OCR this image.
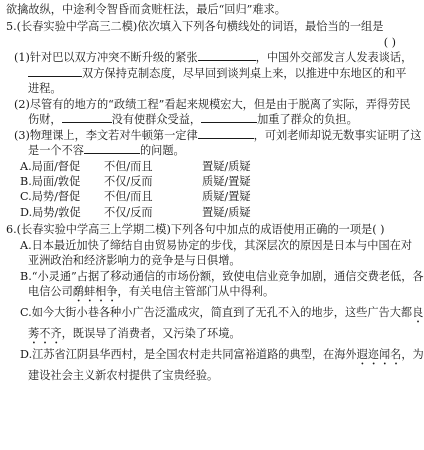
欲擒故纵，中途利令智昏而贪赃枉法，最后“回归”难求。
5.(长春实验中学高三二模)依次填入下列各句横线处的词语，最恰当的一组是
( )
(1)针对巴以双方冲突不断升级的紧张	，中国外交部发言人发表谈话，
双方保持克制态度，尽早回到谈判桌上来，以推进中东地区的和平
进程。
(2)尽管有的地方的“政绩工程”看起来规模宏大，但是由于脱离了实际，弄得劳民
伤财，	没有使群众受益，	加重了群众的负担。
(3)物理课上，李文若对牛顿第一定律	，可刘老师却说无数事实证明了这
是一个不容	的问题。
A.局面/督促	不但/而且	置疑/质疑
B.局面/敦促	不仅/反而	质疑/置疑
C.局势/督促	不但/而且	质疑/置疑
D.局势/敦促	不仅/反而	置疑/质疑
6.(长春实验中学高三上学期二模)下列各句中加点的成语使用正确的一项是( )
A.日本最近加快了缔结自由贸易协定的步伐，其深层次的原因是日本与中国在对
亚洲政治和经济影响力的竞争是与日俱增。
B.“小灵通”占据了移动通信的市场份额，致使电信业竞争加剧，通信交费老低，各
电信公司鹬蚌相争，有关电信主管部门从中得利。
C.如今大街小巷各种小广告泛滥成灾，简直到了无孔不入的地步，这些广告大都良
莠不齐，既误导了消费者，又污染了环境。
D.江苏省江阴县华西村，是全国农村走共同富裕道路的典型，在海外遐迩闻名，为
建设社会主义新农村提供了宝贵经验。
